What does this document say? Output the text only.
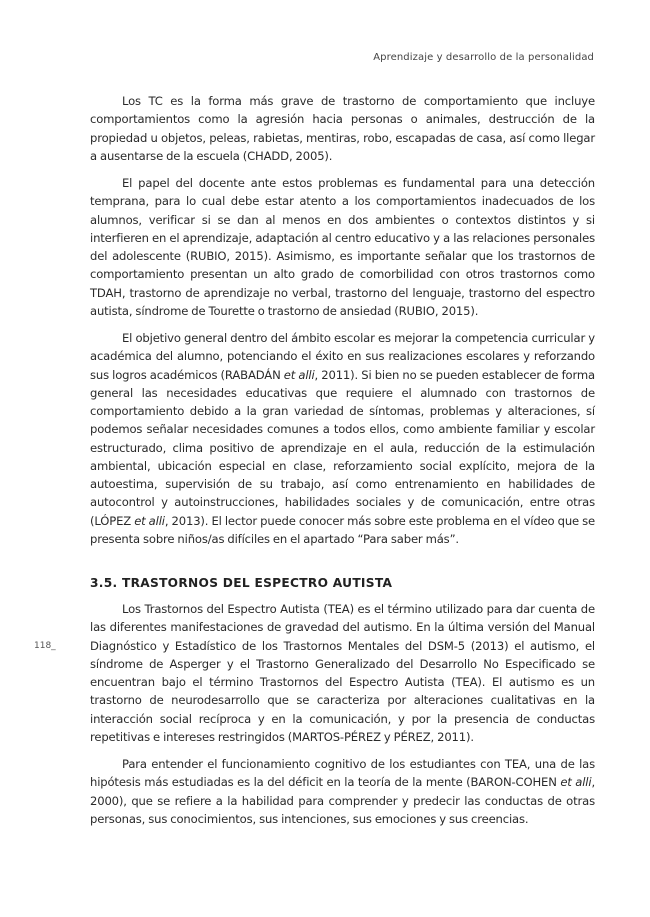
Aprendizaje y desarrollo de la personalidad
118_

Los TC es la forma más grave de trastorno de comportamiento que incluye comportamientos como la agresión hacia personas o animales, destrucción de la propiedad u objetos, peleas, rabietas, mentiras, robo, escapadas de casa, así como llegar a ausentarse de la escuela (CHADD, 2005).

El papel del docente ante estos problemas es fundamental para una detección temprana, para lo cual debe estar atento a los comportamientos inadecuados de los alumnos, verificar si se dan al menos en dos ambientes o contextos distintos y si interfieren en el aprendizaje, adaptación al centro educativo y a las relaciones personales del adolescente (RUBIO, 2015). Asimismo, es importante señalar que los trastornos de comportamiento presentan un alto grado de comorbilidad con otros trastornos como TDAH, trastorno de aprendizaje no verbal, trastorno del lenguaje, trastorno del espectro autista, síndrome de Tourette o trastorno de ansiedad (RUBIO, 2015).

El objetivo general dentro del ámbito escolar es mejorar la competencia curricular y académica del alumno, potenciando el éxito en sus realizaciones escolares y reforzando sus logros académicos (RABADÁN et alli, 2011). Si bien no se pueden establecer de forma general las necesidades educativas que requiere el alumnado con trastornos de comportamiento debido a la gran variedad de síntomas, problemas y alteraciones, sí podemos señalar necesidades comunes a todos ellos, como ambiente familiar y escolar estructurado, clima positivo de aprendizaje en el aula, reducción de la estimulación ambiental, ubicación especial en clase, reforzamiento social explícito, mejora de la autoestima, supervisión de su trabajo, así como entrenamiento en habilidades de autocontrol y autoinstrucciones, habilidades sociales y de comunicación, entre otras (LÓPEZ et alli, 2013). El lector puede conocer más sobre este problema en el vídeo que se presenta sobre niños/as difíciles en el apartado “Para saber más”.

3.5. TRASTORNOS DEL ESPECTRO AUTISTA

Los Trastornos del Espectro Autista (TEA) es el término utilizado para dar cuenta de las diferentes manifestaciones de gravedad del autismo. En la última versión del Manual Diagnóstico y Estadístico de los Trastornos Mentales del DSM-5 (2013) el autismo, el síndrome de Asperger y el Trastorno Generalizado del Desarrollo No Especificado se encuentran bajo el término Trastornos del Espectro Autista (TEA). El autismo es un trastorno de neurodesarrollo que se caracteriza por alteraciones cualitativas en la interacción social recíproca y en la comunicación, y por la presencia de conductas repetitivas e intereses restringidos (MARTOS-PÉREZ y PÉREZ, 2011).

Para entender el funcionamiento cognitivo de los estudiantes con TEA, una de las hipótesis más estudiadas es la del déficit en la teoría de la mente (BARON-COHEN et alli, 2000), que se refiere a la habilidad para comprender y predecir las conductas de otras personas, sus conocimientos, sus intenciones, sus emociones y sus creencias.
